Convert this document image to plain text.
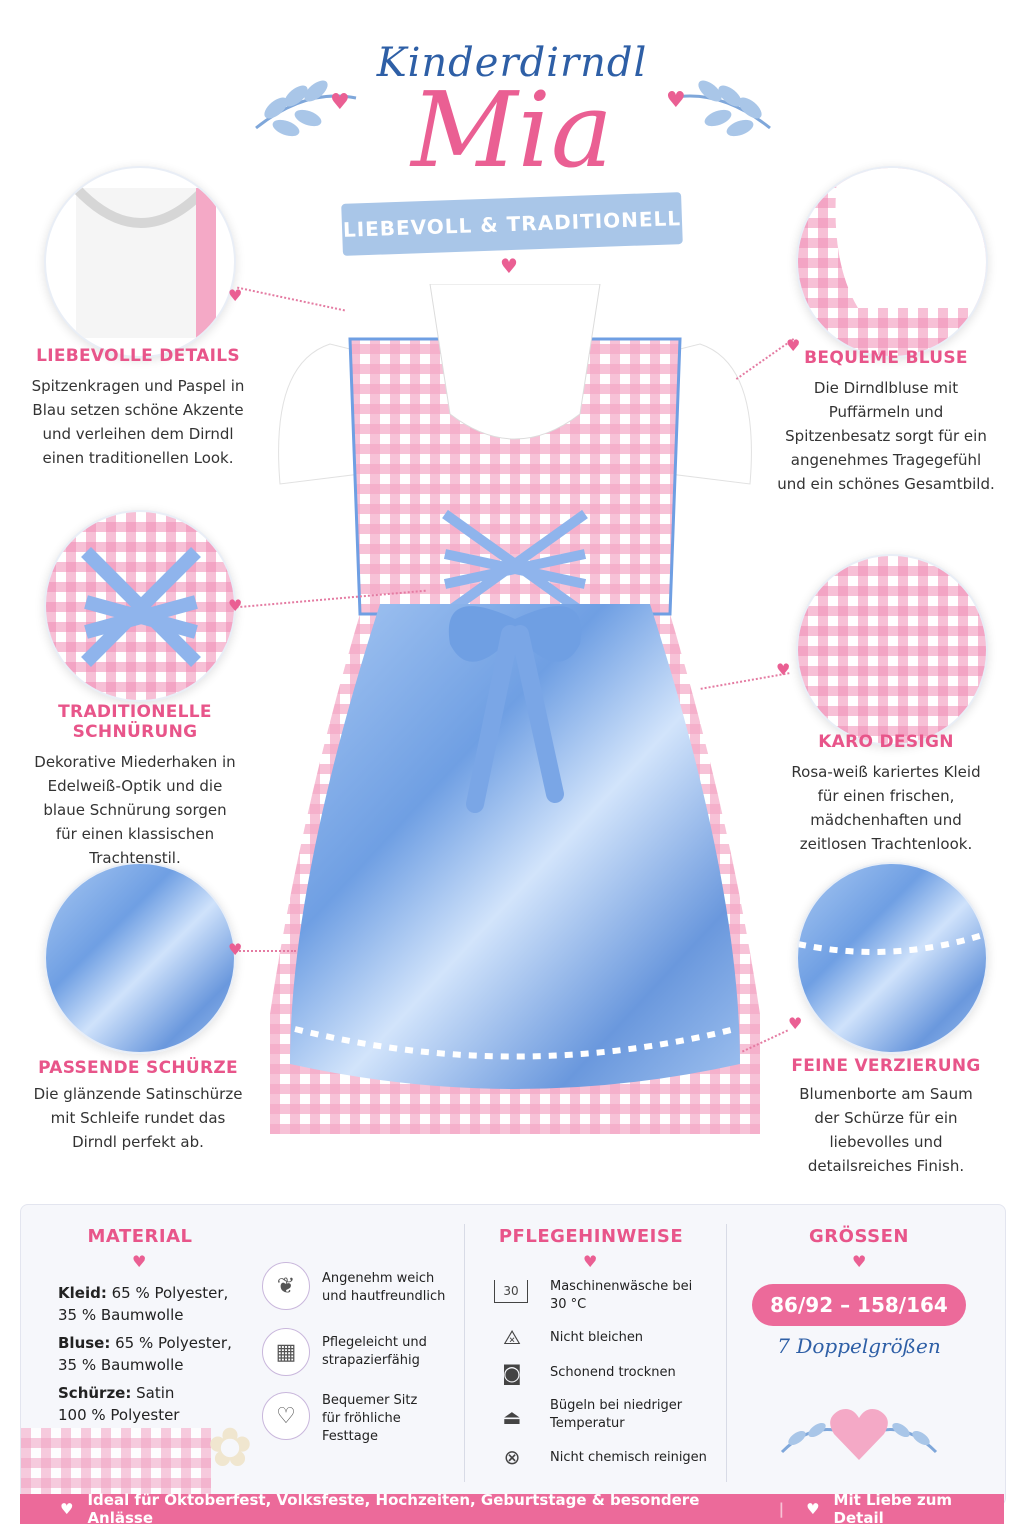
Kinderdirndl
Mia
LIEBEVOLL & TRADITIONELL
♥	♥
♥
♥
♥
♥
♥
♥
♥
LIEBEVOLLE DETAILS
Spitzenkragen und Paspel in Blau setzen schöne Akzente und verleihen dem Dirndl einen traditionellen Look.
TRADITIONELLE SCHNÜRUNG
Dekorative Miederhaken in Edelweiß-Optik und die blaue Schnürung sorgen für einen klassischen Trachtenstil.
PASSENDE SCHÜRZE
Die glänzende Satinschürze mit Schleife rundet das Dirndl perfekt ab.
BEQUEME BLUSE
Die Dirndlbluse mit Puffärmeln und Spitzenbesatz sorgt für ein angenehmes Tragegefühl und ein schönes Gesamtbild.
KARO DESIGN
Rosa-weiß kariertes Kleid für einen frischen, mädchenhaften und zeitlosen Trachtenlook.
FEINE VERZIERUNG
Blumenborte am Saum der Schürze für ein liebevolles und detailsreiches Finish.
✿
MATERIAL
♥
Kleid: 65 % Polyester,
35 % Baumwolle
Bluse: 65 % Polyester,
35 % Baumwolle
Schürze: Satin
100 % Polyester
❦	Angenehm weich und hautfreundlich
▦	Pflegeleicht und strapazierfähig
♡
Bequemer Sitz für fröhliche Festtage
PFLEGEHINWEISE
♥
30	Maschinenwäsche bei 30 °C
⨻	Nicht bleichen
◙	Schonend trocknen
⏏	Bügeln bei niedriger Temperatur
⊗	Nicht chemisch reinigen
GRÖSSEN
♥
86/92 – 158/164
7 Doppelgrößen
♥ Ideal für Oktoberfest, Volksfeste, Hochzeiten, Geburtstage & besondere Anlässe	| ♥ Mit Liebe zum Detail
